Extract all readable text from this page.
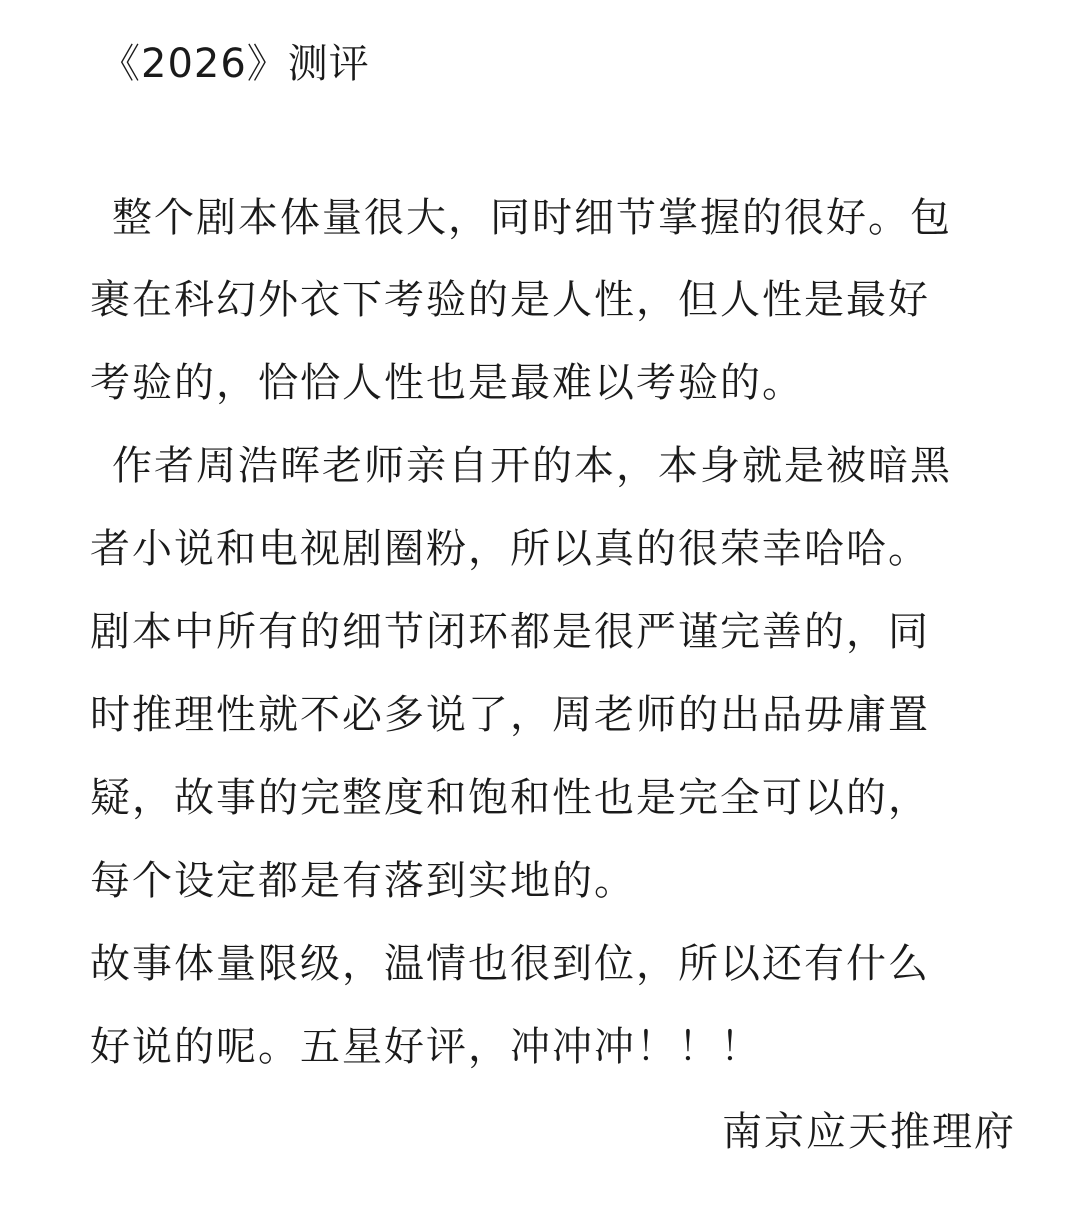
《2026》测评
整个剧本体量很大，同时细节掌握的很好。包
裹在科幻外衣下考验的是人性，但人性是最好
考验的，恰恰人性也是最难以考验的。
作者周浩晖老师亲自开的本，本身就是被暗黑
者小说和电视剧圈粉，所以真的很荣幸哈哈。
剧本中所有的细节闭环都是很严谨完善的，同
时推理性就不必多说了，周老师的出品毋庸置
疑，故事的完整度和饱和性也是完全可以的，
每个设定都是有落到实地的。
故事体量限级，温情也很到位，所以还有什么
好说的呢。五星好评，冲冲冲！！！
南京应天推理府
